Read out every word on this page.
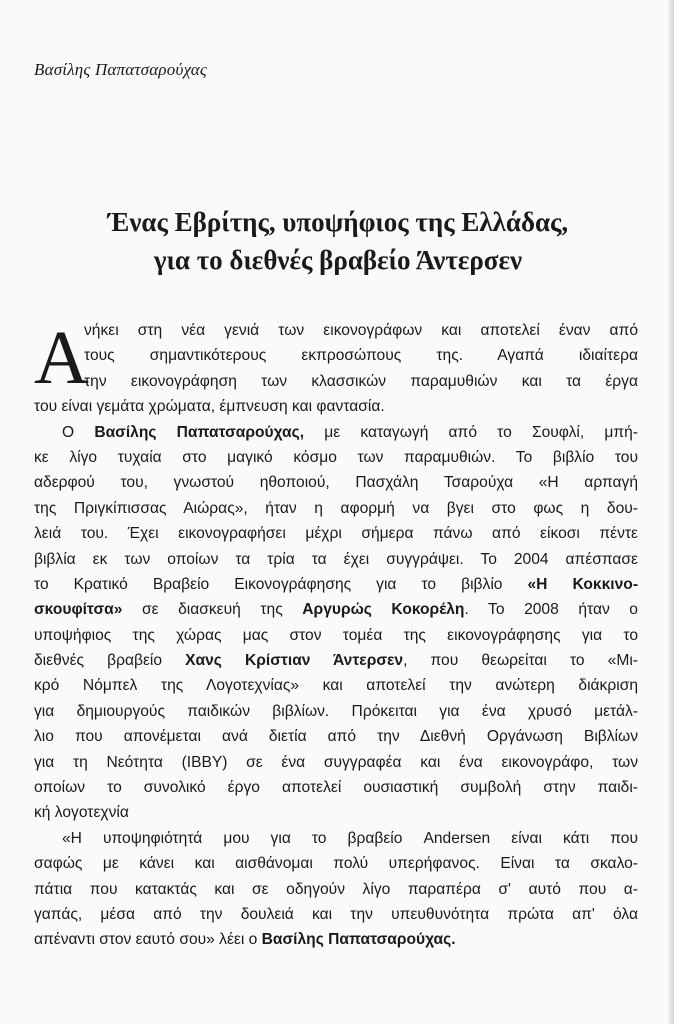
Βασίλης Παπατσαρούχας
Ένας Εβρίτης, υποψήφιος της Ελλάδας,
για το διεθνές βραβείο Άντερσεν

Α
νήκει στη νέα γενιά των εικονογράφων και αποτελεί έναν από
τους σημαντικότερους εκπροσώπους της. Αγαπά ιδιαίτερα
την εικονογράφηση των κλασσικών παραμυθιών και τα έργα
του είναι γεμάτα χρώματα, έμπνευση και φαντασία.

Ο Βασίλης Παπατσαρούχας, με καταγωγή από το Σουφλί, μπή-
κε λίγο τυχαία στο μαγικό κόσμο των παραμυθιών. Το βιβλίο του
αδερφού του, γνωστού ηθοποιού, Πασχάλη Τσαρούχα «Η αρπαγή
της Πριγκίπισσας Αιώρας», ήταν η αφορμή να βγει στο φως η δου-
λειά του. Έχει εικονογραφήσει μέχρι σήμερα πάνω από είκοσι πέντε
βιβλία εκ των οποίων τα τρία τα έχει συγγράψει. Το 2004 απέσπασε
το Κρατικό Βραβείο Εικονογράφησης για το βιβλίο «Η Κοκκινο-
σκουφίτσα» σε διασκευή της Αργυρώς Κοκορέλη. Το 2008 ήταν ο
υποψήφιος της χώρας μας στον τομέα της εικονογράφησης για το
διεθνές βραβείο Χανς Κρίστιαν Άντερσεν, που θεωρείται το «Μι-
κρό Νόμπελ της Λογοτεχνίας» και αποτελεί την ανώτερη διάκριση
για δημιουργούς παιδικών βιβλίων. Πρόκειται για ένα χρυσό μετάλ-
λιο που απονέμεται ανά διετία από την Διεθνή Οργάνωση Βιβλίων
για τη Νεότητα (IBBY) σε ένα συγγραφέα και ένα εικονογράφο, των
οποίων το συνολικό έργο αποτελεί ουσιαστική συμβολή στην παιδι-
κή λογοτεχνία

«Η υποψηφιότητά μου για το βραβείο Andersen είναι κάτι που
σαφώς με κάνει και αισθάνομαι πολύ υπερήφανος. Είναι τα σκαλο-
πάτια που κατακτάς και σε οδηγούν λίγο παραπέρα σ' αυτό που α-
γαπάς, μέσα από την δουλειά και την υπευθυνότητα πρώτα απ' όλα
απέναντι στον εαυτό σου» λέει ο Βασίλης Παπατσαρούχας.
